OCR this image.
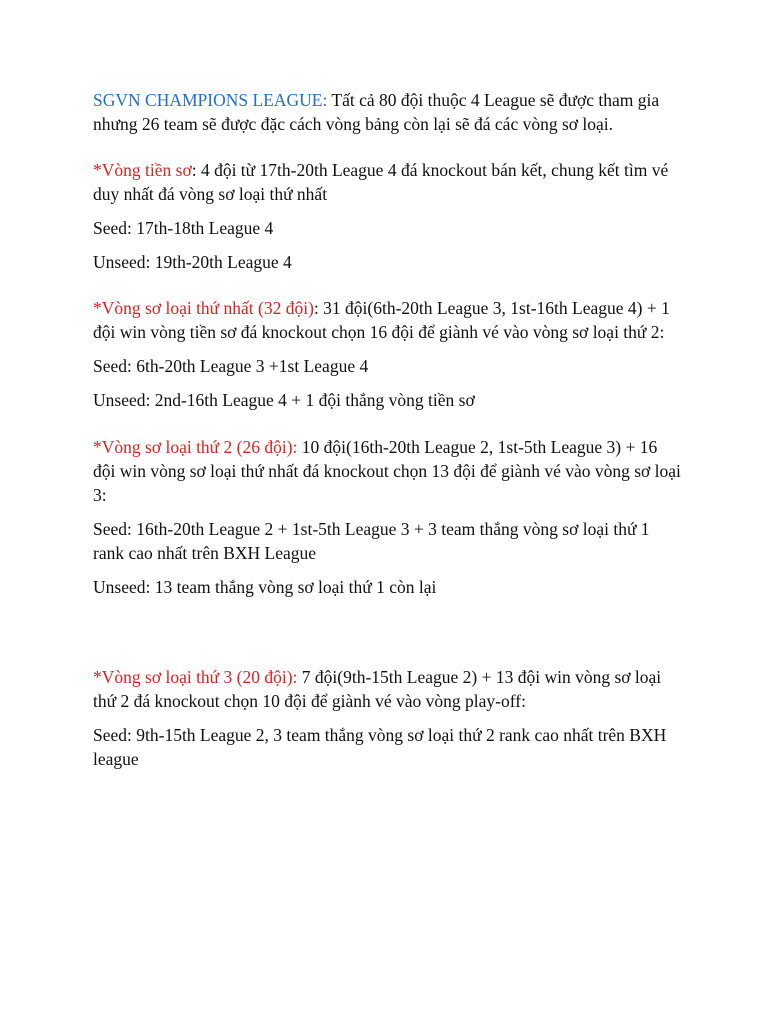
SGVN CHAMPIONS LEAGUE: Tất cả 80 đội thuộc 4 League sẽ được tham gia nhưng 26 team sẽ được đặc cách vòng bảng còn lại sẽ đá các vòng sơ loại.

*Vòng tiền sơ: 4 đội từ 17th-20th League 4 đá knockout bán kết, chung kết tìm vé duy nhất đá vòng sơ loại thứ nhất

Seed: 17th-18th League 4

Unseed: 19th-20th League 4

*Vòng sơ loại thứ nhất (32 đội): 31 đội(6th-20th League 3, 1st-16th League 4) + 1 đội win vòng tiền sơ đá knockout chọn 16 đội để giành vé vào vòng sơ loại thứ 2:

Seed: 6th-20th League 3 +1st League 4

Unseed: 2nd-16th League 4 + 1 đội thắng vòng tiền sơ

*Vòng sơ loại thứ 2 (26 đội): 10 đội(16th-20th League 2, 1st-5th League 3) + 16 đội win vòng sơ loại thứ nhất đá knockout chọn 13 đội để giành vé vào vòng sơ loại 3:

Seed: 16th-20th League 2 + 1st-5th League 3 + 3 team thắng vòng sơ loại thứ 1 rank cao nhất trên BXH League

Unseed: 13 team thắng vòng sơ loại thứ 1 còn lại

*Vòng sơ loại thứ 3 (20 đội): 7 đội(9th-15th League 2) + 13 đội win vòng sơ loại thứ 2 đá knockout chọn 10 đội để giành vé vào vòng play-off:

Seed: 9th-15th League 2, 3 team thắng vòng sơ loại thứ 2 rank cao nhất trên BXH league
